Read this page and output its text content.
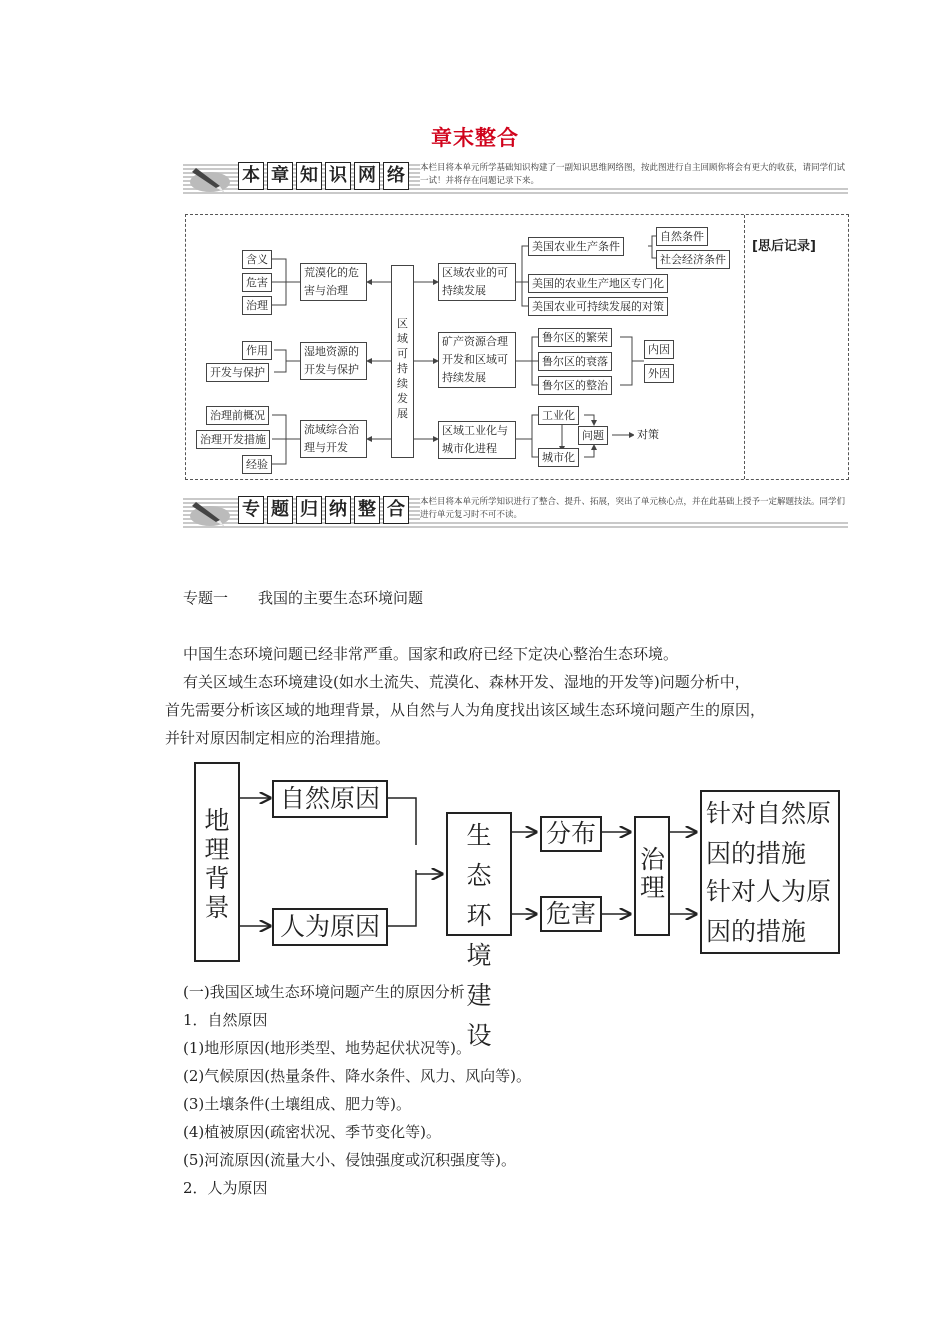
章末整合
本 章 知 识 网 络	本栏目将本单元所学基础知识构建了一副知识思维网络图，按此图进行自主回顾你将会有更大的收获，请同学们试一试！并将存在问题记录下来。
含义
危害
治理
荒漠化的危害与治理
作用
开发与保护
湿地资源的开发与保护
治理前概况
治理开发措施
经验
流域综合治理与开发
区域可持续发展
区域农业的可持续发展
美国农业生产条件
美国的农业生产地区专门化
美国农业可持续发展的对策
自然条件
社会经济条件
矿产资源合理开发和区域可持续发展
鲁尔区的繁荣
鲁尔区的衰落
鲁尔区的整治
内因
外因
区域工业化与城市化进程
工业化
城市化
问题	对策
[思后记录]
专 题 归 纳 整 合	本栏目将本单元所学知识进行了整合、提升、拓展，突出了单元核心点，并在此基础上授予一定解题技法。同学们进行单元复习时不可不读。
专题一　　我国的主要生态环境问题
中国生态环境问题已经非常严重。国家和政府已经下定决心整治生态环境。
有关区域生态环境建设(如水土流失、荒漠化、森林开发、湿地的开发等)问题分析中，
首先需要分析该区域的地理背景，从自然与人为角度找出该区域生态环境问题产生的原因，
并针对原因制定相应的治理措施。
地理背景
自然原因
人为原因
生态环境建设
分布
危害
治理
针对自然原因的措施
针对人为原因的措施
(一)我国区域生态环境问题产生的原因分析
1．自然原因
(1)地形原因(地形类型、地势起伏状况等)。
(2)气候原因(热量条件、降水条件、风力、风向等)。
(3)土壤条件(土壤组成、肥力等)。
(4)植被原因(疏密状况、季节变化等)。
(5)河流原因(流量大小、侵蚀强度或沉积强度等)。
2．人为原因
